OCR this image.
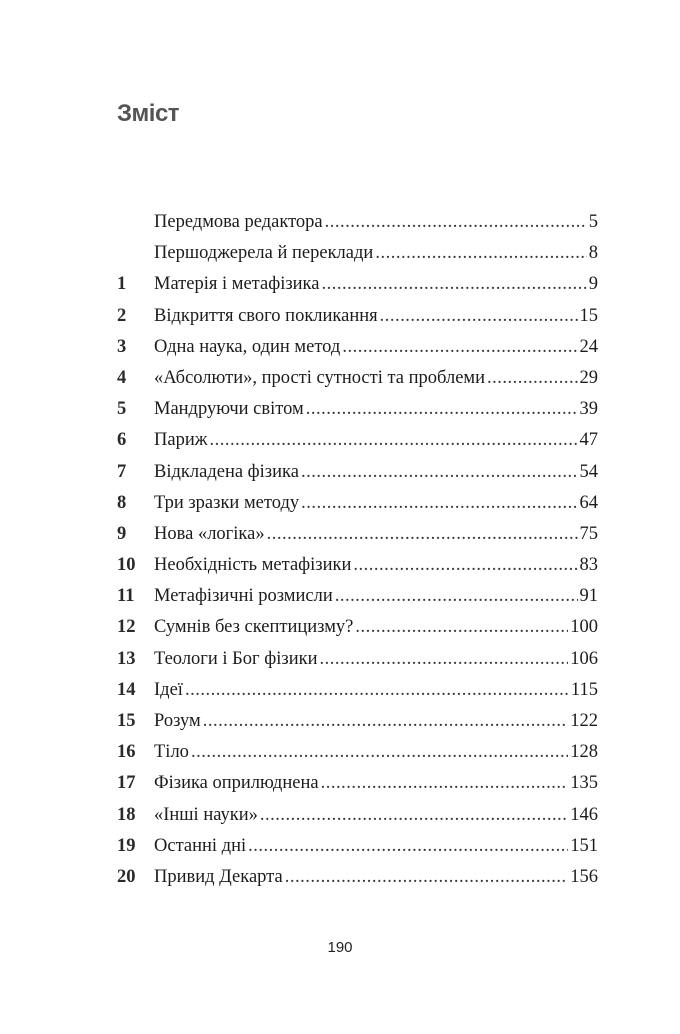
Зміст
Передмова редактора .....	5
Першоджерела й переклади .....	8
1	Матерія і метафізика .....	9
2	Відкриття свого покликання .....	15
3	Одна наука, один метод .....	24
4	«Абсолюти», прості сутності та проблеми .....	29
5	Мандруючи світом .....	39
6	Париж .....	47
7	Відкладена фізика .....	54
8	Три зразки методу .....	64
9	Нова «логіка» .....	75
10	Необхідність метафізики .....	83
11	Метафізичні розмисли .....	91
12	Сумнів без скептицизму? .....	100
13	Теологи і Бог фізики .....	106
14	Ідеї .....	115
15	Розум .....	122
16	Тіло .....	128
17	Фізика оприлюднена .....	135
18	«Інші науки» .....	146
19	Останні дні .....	151
20	Привид Декарта .....	156

190
